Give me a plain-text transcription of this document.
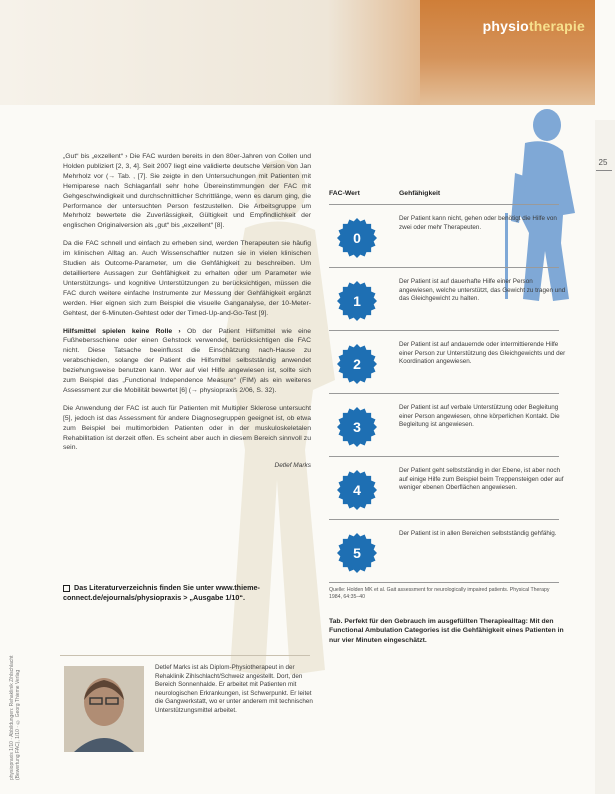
physiotherapie
25

„Gut“ bis „exzellent“ › Die FAC wurden bereits in den 80er-Jahren von Collen und Holden publiziert [2, 3, 4]. Seit 2007 liegt eine validierte deutsche Version von Jan Mehrholz vor (→ Tab. ‚ [7]. Sie zeigte in den Untersuchungen mit Patienten mit Hemiparese nach Schlaganfall sehr hohe Übereinstimmungen der FAC mit Gehgeschwindigkeit und durchschnittlicher Schrittlänge, wenn es darum ging, die Performance der untersuchten Person festzustellen. Die Arbeitsgruppe um Mehrholz bewertete die Zuverlässigkeit, Gültigkeit und Empfindlichkeit der englischen Originalversion als „gut“ bis „exzellent“ [8].

Da die FAC schnell und einfach zu erheben sind, werden Therapeuten sie häufig im klinischen Alltag an. Auch Wissenschaftler nutzen sie in vielen klinischen Studien als Outcome-Parameter, um die Gehfähigkeit zu beschreiben. Um detailliertere Aussagen zur Gehfähigkeit zu erhalten oder um Parameter wie Unterstützungs- und kognitive Unterstützungen zu berücksichtigen, müssen die FAC durch weitere einfache Instrumente zur Messung der Gehfähigkeit ergänzt werden. Hier eignen sich zum Beispiel die visuelle Ganganalyse, der 10-Meter-Gehtest, der 6-Minuten-Gehtest oder der Timed-Up-and-Go-Test [9].

Hilfsmittel spielen keine Rolle › Ob der Patient Hilfsmittel wie eine Fußhebersschiene oder einen Gehstock verwendet, berücksichtigen die FAC nicht. Diese Tatsache beeinflusst die Einschätzung nach-Hause zu verabschieden, solange der Patient die Hilfsmittel selbstständig anwendet beziehungsweise benutzen kann. Wer auf viel Hilfe angewiesen ist, sollte sich zum Beispiel das „Functional Independence Measure“ (FIM) als ein weiteres Assessment zur die Mobilität bewertet [6] (→ physiopraxis 2/06, S. 32).

Die Anwendung der FAC ist auch für Patienten mit Multipler Sklerose untersucht [5], jedoch ist das Assessment für andere Diagnosegruppen geeignet ist, ob etwa zum Beispiel bei multimorbiden Patienten oder in der muskuloskeletalen Rehabilitation ist derzeit offen. Es scheint aber auch in diesem Bereich sinnvoll zu sein.

Detlef Marks
Das Literaturverzeichnis finden Sie unter www.thieme-connect.de/ejournals/physiopraxis > „Ausgabe 1/10“.
Detlef Marks ist als Diplom-Physiotherapeut in der Rehaklinik Zihlschlacht/Schweiz angestellt. Dort, den Bereich Sonnenhalde. Er arbeitet mit Patienten mit neurologischen Erkrankungen, ist Schwerpunkt. Er leitet die Gangwerkstatt, wo er unter anderem mit technischen Unterstützungsmittel arbeitet.
physiopraxis 1/10 · Abbildungen: Rehaklinik Zihlschlacht (Bewertung FAC), 1/10 · © Georg Thieme Verlag
FAC-Wert	Gehfähigkeit
0
Der Patient kann nicht, gehen oder benötigt die Hilfe von zwei oder mehr Therapeuten.
1
Der Patient ist auf dauerhafte Hilfe einer Person angewiesen, welche unterstützt, das Gewicht zu tragen und das Gleichgewicht zu halten.
2
Der Patient ist auf andauernde oder intermittierende Hilfe einer Person zur Unterstützung des Gleichgewichts und der Koordination angewiesen.
3
Der Patient ist auf verbale Unterstützung oder Begleitung einer Person angewiesen, ohne körperlichen Kontakt. Die Begleitung ist angewiesen.
4
Der Patient geht selbstständig in der Ebene, ist aber noch auf einige Hilfe zum Beispiel beim Treppensteigen oder auf weniger ebenen Oberflächen angewiesen.
5
Der Patient ist in allen Bereichen selbstständig gehfähig.
Quelle: Holden MK et al. Gait assessment for neurologically impaired patients. Physical Therapy 1984, 64:35–40
Tab. Perfekt für den Gebrauch im ausgefüllten Therapiealltag: Mit den Functional Ambulation Categories ist die Gehfähigkeit eines Patienten in nur vier Minuten eingeschätzt.
